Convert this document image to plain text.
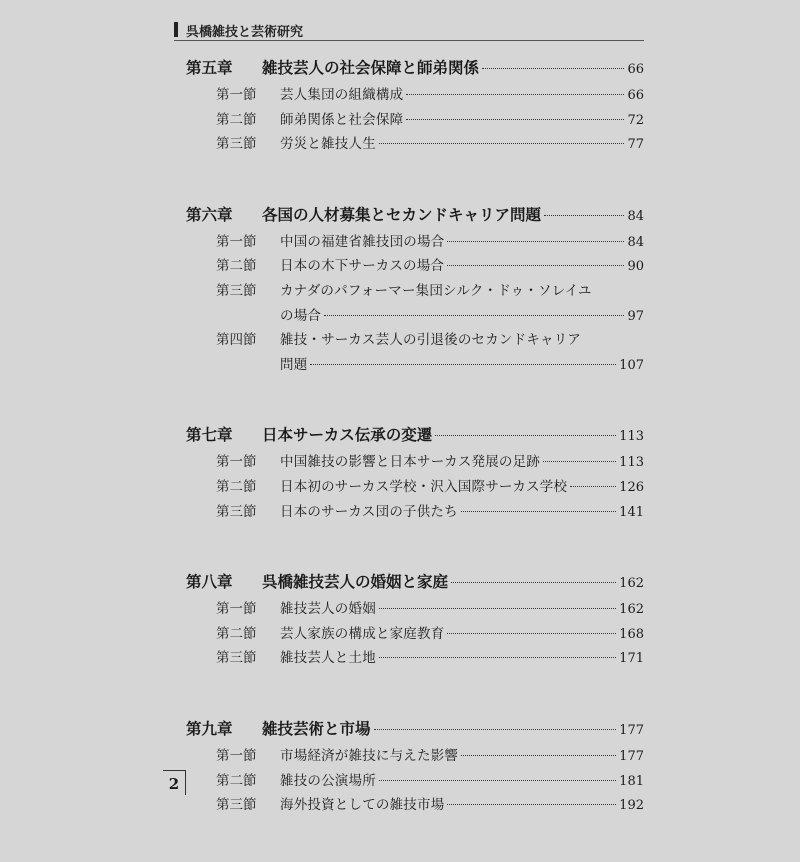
呉橋雑技と芸術研究
第五章	雑技芸人の社会保障と師弟関係	66
第一節	芸人集団の組織構成	66
第二節	師弟関係と社会保障	72
第三節	労災と雑技人生	77
第六章	各国の人材募集とセカンドキャリア問題	84
第一節	中国の福建省雑技団の場合	84
第二節	日本の木下サーカスの場合	90
第三節	カナダのパフォーマー集団シルク・ドゥ・ソレイユ
の場合	97
第四節	雑技・サーカス芸人の引退後のセカンドキャリア
問題	107
第七章	日本サーカス伝承の変遷	113
第一節	中国雑技の影響と日本サーカス発展の足跡	113
第二節	日本初のサーカス学校・沢入国際サーカス学校	126
第三節	日本のサーカス団の子供たち	141
第八章	呉橋雑技芸人の婚姻と家庭	162
第一節	雑技芸人の婚姻	162
第二節	芸人家族の構成と家庭教育	168
第三節	雑技芸人と土地	171
第九章	雑技芸術と市場	177
第一節	市場経済が雑技に与えた影響	177
第二節	雑技の公演場所	181
第三節	海外投資としての雑技市場	192
2
